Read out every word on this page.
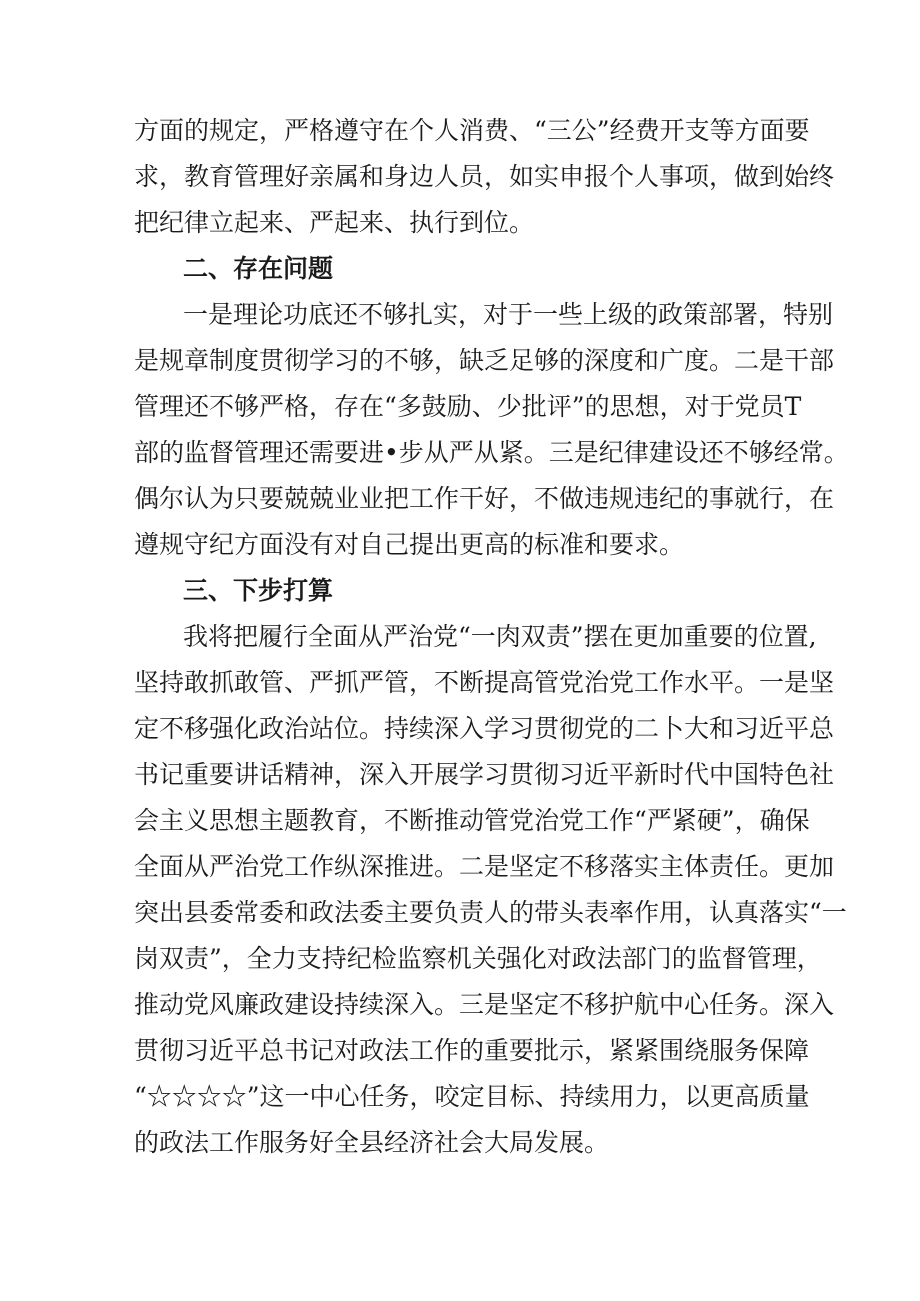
方面的规定，严格遵守在个人消费、“三公”经费开支等方面要

求，教育管理好亲属和身边人员，如实申报个人事项，做到始终

把纪律立起来、严起来、执行到位。

二、存在问题

一是理论功底还不够扎实，对于一些上级的政策部署，特别

是规章制度贯彻学习的不够，缺乏足够的深度和广度。二是干部

管理还不够严格，存在“多鼓励、少批评”的思想，对于党员T

部的监督管理还需要进•步从严从紧。三是纪律建设还不够经常。

偶尔认为只要兢兢业业把工作干好，不做违规违纪的事就行，在

遵规守纪方面没有对自己提出更高的标准和要求。

三、下步打算

我将把履行全面从严治党“一肉双责”摆在更加重要的位置,

坚持敢抓敢管、严抓严管，不断提高管党治党工作水平。一是坚

定不移强化政治站位。持续深入学习贯彻党的二卜大和习近平总

书记重要讲话精神，深入开展学习贯彻习近平新时代中国特色社

会主义思想主题教育，不断推动管党治党工作“严紧硬”，确保

全面从严治党工作纵深推进。二是坚定不移落实主体责任。更加

突出县委常委和政法委主要负责人的带头表率作用，认真落实“一

岗双责”，全力支持纪检监察机关强化对政法部门的监督管理，

推动党风廉政建设持续深入。三是坚定不移护航中心任务。深入

贯彻习近平总书记对政法工作的重要批示，紧紧围绕服务保障

“☆☆☆☆”这一中心任务，咬定目标、持续用力，以更高质量

的政法工作服务好全县经济社会大局发展。
